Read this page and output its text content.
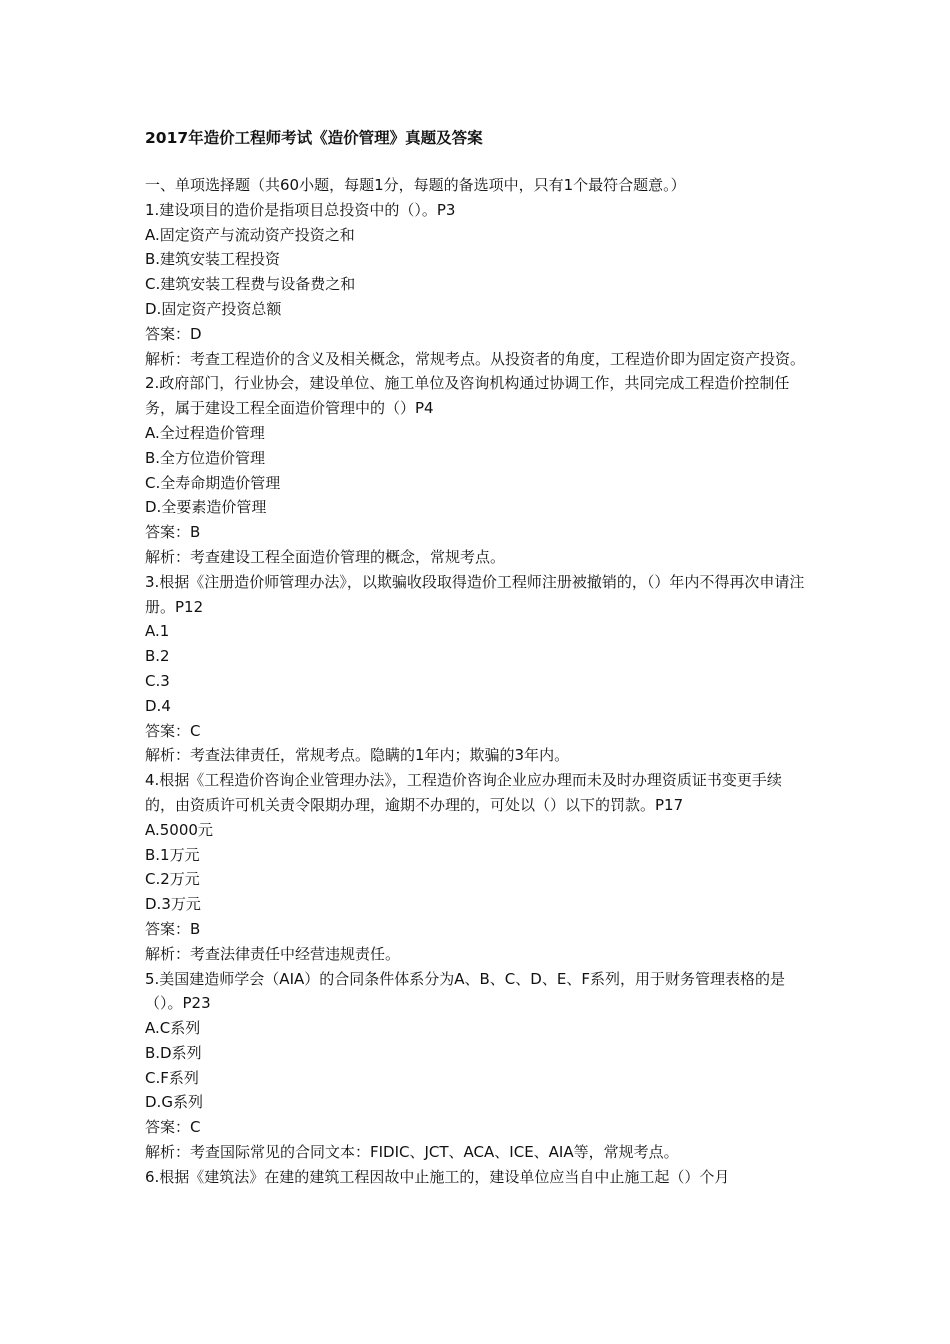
2017年造价工程师考试《造价管理》真题及答案
一、单项选择题（共60小题，每题1分，每题的备选项中，只有1个最符合题意。）
1.建设项目的造价是指项目总投资中的（）。P3
A.固定资产与流动资产投资之和
B.建筑安装工程投资
C.建筑安装工程费与设备费之和
D.固定资产投资总额
答案：D
解析：考查工程造价的含义及相关概念，常规考点。从投资者的角度，工程造价即为固定资产投资。
2.政府部门，行业协会，建设单位、施工单位及咨询机构通过协调工作，共同完成工程造价控制任务，属于建设工程全面造价管理中的（）P4
A.全过程造价管理
B.全方位造价管理
C.全寿命期造价管理
D.全要素造价管理
答案：B
解析：考查建设工程全面造价管理的概念，常规考点。
3.根据《注册造价师管理办法》，以欺骗收段取得造价工程师注册被撤销的，（）年内不得再次申请注册。P12
A.1
B.2
C.3
D.4
答案：C
解析：考查法律责任，常规考点。隐瞒的1年内；欺骗的3年内。
4.根据《工程造价咨询企业管理办法》，工程造价咨询企业应办理而未及时办理资质证书变更手续的，由资质许可机关责令限期办理，逾期不办理的，可处以（）以下的罚款。P17
A.5000元
B.1万元
C.2万元
D.3万元
答案：B
解析：考查法律责任中经营违规责任。
5.美国建造师学会（AIA）的合同条件体系分为A、B、C、D、E、F系列，用于财务管理表格的是（）。P23
A.C系列
B.D系列
C.F系列
D.G系列
答案：C
解析：考查国际常见的合同文本：FIDIC、JCT、ACA、ICE、AIA等，常规考点。
6.根据《建筑法》在建的建筑工程因故中止施工的，建设单位应当自中止施工起（）个月
